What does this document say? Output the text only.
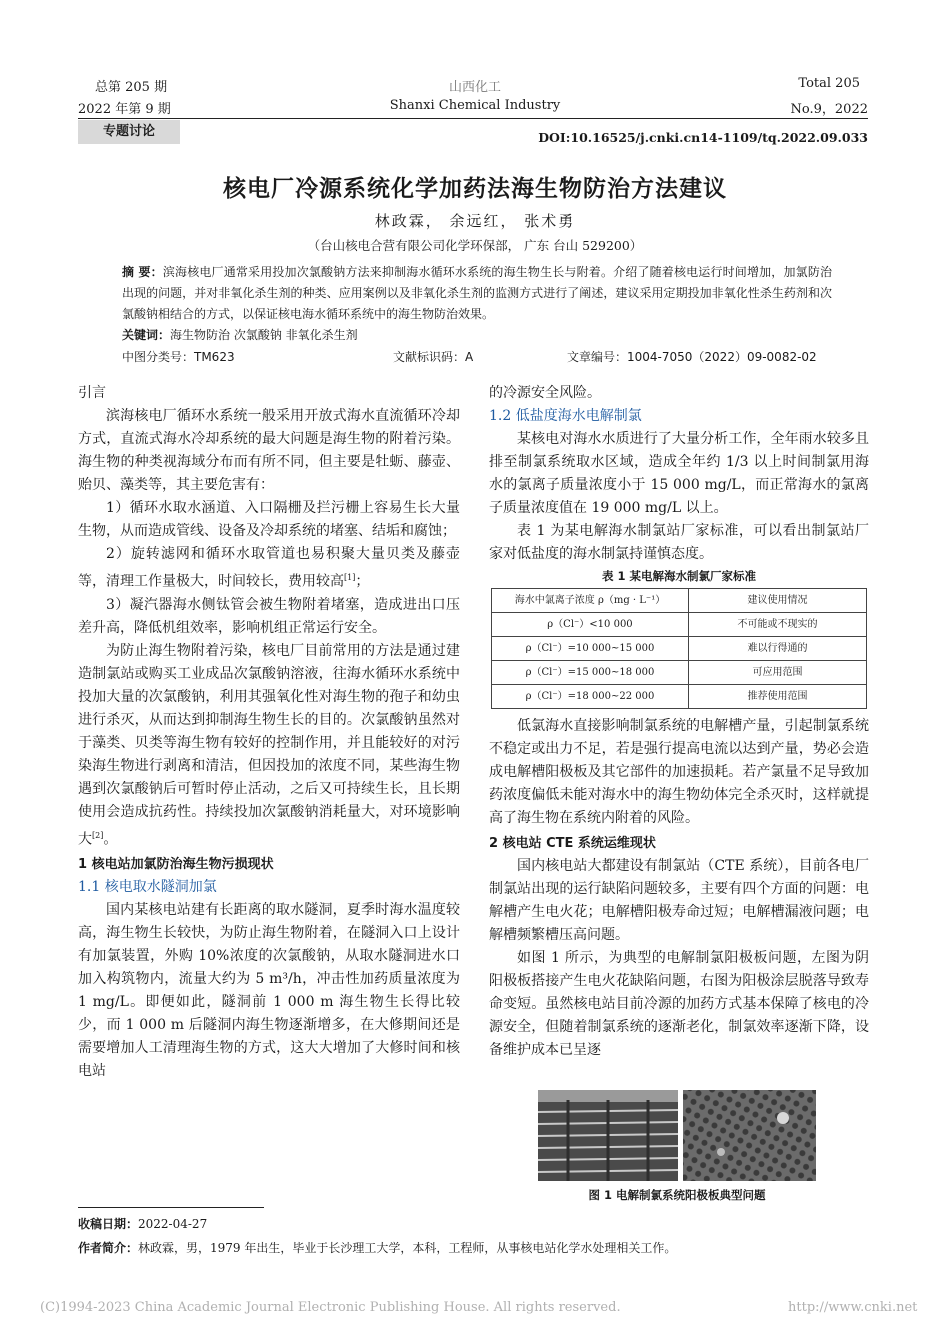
总第 205 期
2022 年第 9 期
山西化工
Shanxi Chemical Industry
Total 205
No.9，2022
专题讨论	DOI:10.16525/j.cnki.cn14-1109/tq.2022.09.033
核电厂冷源系统化学加药法海生物防治方法建议
林政霖， 余远红， 张术勇
（台山核电合营有限公司化学环保部， 广东 台山 529200）
摘 要：滨海核电厂通常采用投加次氯酸钠方法来抑制海水循环水系统的海生物生长与附着。介绍了随着核电运行时间增加，加氯防治出现的问题，并对非氧化杀生剂的种类、应用案例以及非氧化杀生剂的监测方式进行了阐述，建议采用定期投加非氧化性杀生药剂和次氯酸钠相结合的方式，以保证核电海水循环系统中的海生物防治效果。
关键词：海生物防治 次氯酸钠 非氧化杀生剂
中图分类号：TM623	文献标识码：A	文章编号：1004-7050（2022）09-0082-02

引言

滨海核电厂循环水系统一般采用开放式海水直流循环冷却方式，直流式海水冷却系统的最大问题是海生物的附着污染。海生物的种类视海域分布而有所不同，但主要是牡蛎、藤壶、贻贝、藻类等，其主要危害有：

1）循环水取水涵道、入口隔栅及拦污栅上容易生长大量生物，从而造成管线、设备及冷却系统的堵塞、结垢和腐蚀；

2）旋转滤网和循环水取管道也易积聚大量贝类及藤壶等，清理工作量极大，时间较长，费用较高[1]；

3）凝汽器海水侧钛管会被生物附着堵塞，造成进出口压差升高，降低机组效率，影响机组正常运行安全。

为防止海生物附着污染，核电厂目前常用的方法是通过建造制氯站或购买工业成品次氯酸钠溶液，往海水循环水系统中投加大量的次氯酸钠，利用其强氧化性对海生物的孢子和幼虫进行杀灭，从而达到抑制海生物生长的目的。次氯酸钠虽然对于藻类、贝类等海生物有较好的控制作用，并且能较好的对污染海生物进行剥离和清洁，但因投加的浓度不同，某些海生物遇到次氯酸钠后可暂时停止活动，之后又可持续生长，且长期使用会造成抗药性。持续投加次氯酸钠消耗量大，对环境影响大[2]。

1 核电站加氯防治海生物污损现状

1.1 核电取水隧洞加氯

国内某核电站建有长距离的取水隧洞，夏季时海水温度较高，海生物生长较快，为防止海生物附着，在隧洞入口上设计有加氯装置，外购 10%浓度的次氯酸钠，从取水隧洞进水口加入构筑物内，流量大约为 5 m³/h，冲击性加药质量浓度为 1 mg/L。即便如此，隧洞前 1 000 m 海生物生长得比较少，而 1 000 m 后隧洞内海生物逐渐增多，在大修期间还是需要增加人工清理海生物的方式，这大大增加了大修时间和核电站

的冷源安全风险。

1.2 低盐度海水电解制氯

某核电对海水水质进行了大量分析工作，全年雨水较多且排至制氯系统取水区域，造成全年约 1/3 以上时间制氯用海水的氯离子质量浓度小于 15 000 mg/L，而正常海水的氯离子质量浓度值在 19 000 mg/L 以上。

表 1 为某电解海水制氯站厂家标准，可以看出制氯站厂家对低盐度的海水制氯持谨慎态度。

表 1 某电解海水制氯厂家标准

海水中氯离子浓度 ρ（mg · L⁻¹）	建议使用情况
ρ（Cl⁻）<10 000	不可能或不现实的
ρ（Cl⁻）=10 000~15 000	难以行得通的
ρ（Cl⁻）=15 000~18 000	可应用范围
ρ（Cl⁻）=18 000~22 000	推荐使用范围

低氯海水直接影响制氯系统的电解槽产量，引起制氯系统不稳定或出力不足，若是强行提高电流以达到产量，势必会造成电解槽阳极板及其它部件的加速损耗。若产氯量不足导致加药浓度偏低未能对海水中的海生物幼体完全杀灭时，这样就提高了海生物在系统内附着的风险。

2 核电站 CTE 系统运维现状

国内核电站大都建设有制氯站（CTE 系统），目前各电厂制氯站出现的运行缺陷问题较多，主要有四个方面的问题：电解槽产生电火花；电解槽阳极寿命过短；电解槽漏液问题；电解槽频繁槽压高问题。

如图 1 所示，为典型的电解制氯阳极板问题，左图为阴阳极板搭接产生电火花缺陷问题，右图为阳极涂层脱落导致寿命变短。虽然核电站目前冷源的加药方式基本保障了核电的冷源安全，但随着制氯系统的逐渐老化，制氯效率逐渐下降，设备维护成本已呈逐

图 1 电解制氯系统阳极板典型问题
收稿日期：2022-04-27
作者简介：林政霖，男，1979 年出生，毕业于长沙理工大学，本科，工程师，从事核电站化学水处理相关工作。
(C)1994-2023 China Academic Journal Electronic Publishing House. All rights reserved.	http://www.cnki.net
